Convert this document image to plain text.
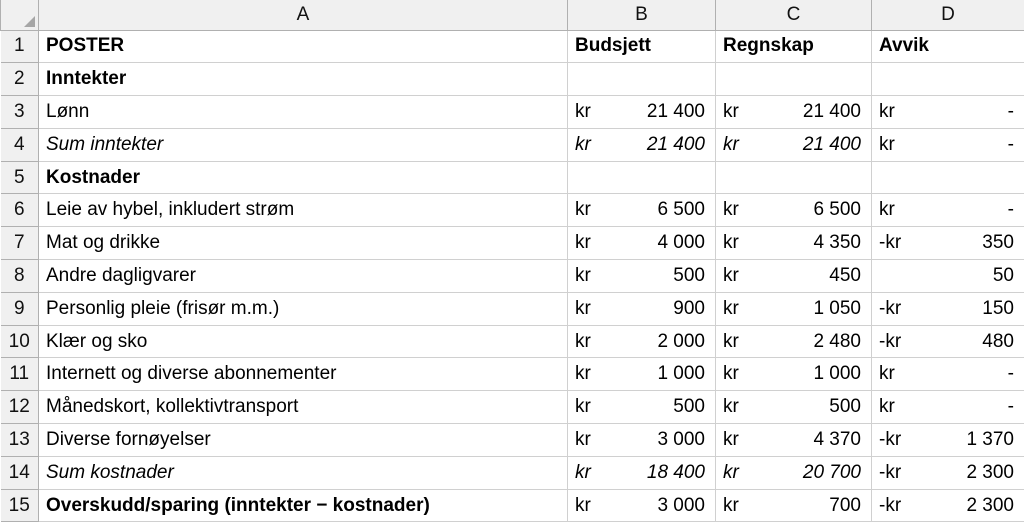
	A	B	C	D
1	POSTER	Budsjett	Regnskap	Avvik

2	Inntekter	

3	Lønn	kr 21 400	kr 21 400	kr -

4	Sum inntekter	kr 21 400	kr 21 400	kr -

5	Kostnader	

6	Leie av hybel, inkludert strøm	kr 6 500	kr 6 500	kr -

7	Mat og drikke	kr 4 000	kr 4 350	-kr 350

8	Andre dagligvarer	kr 500	kr 450	50

9	Personlig pleie (frisør m.m.)	kr 900	kr 1 050	-kr 150

10	Klær og sko	kr 2 000	kr 2 480	-kr 480

11	Internett og diverse abonnementer	kr 1 000	kr 1 000	kr -

12	Månedskort, kollektivtransport	kr 500	kr 500	kr -

13	Diverse fornøyelser	kr 3 000	kr 4 370	-kr 1 370

14	Sum kostnader	kr 18 400	kr 20 700	-kr 2 300

15	Overskudd/sparing (inntekter − kostnader)	kr 3 000	kr 700	-kr 2 300
